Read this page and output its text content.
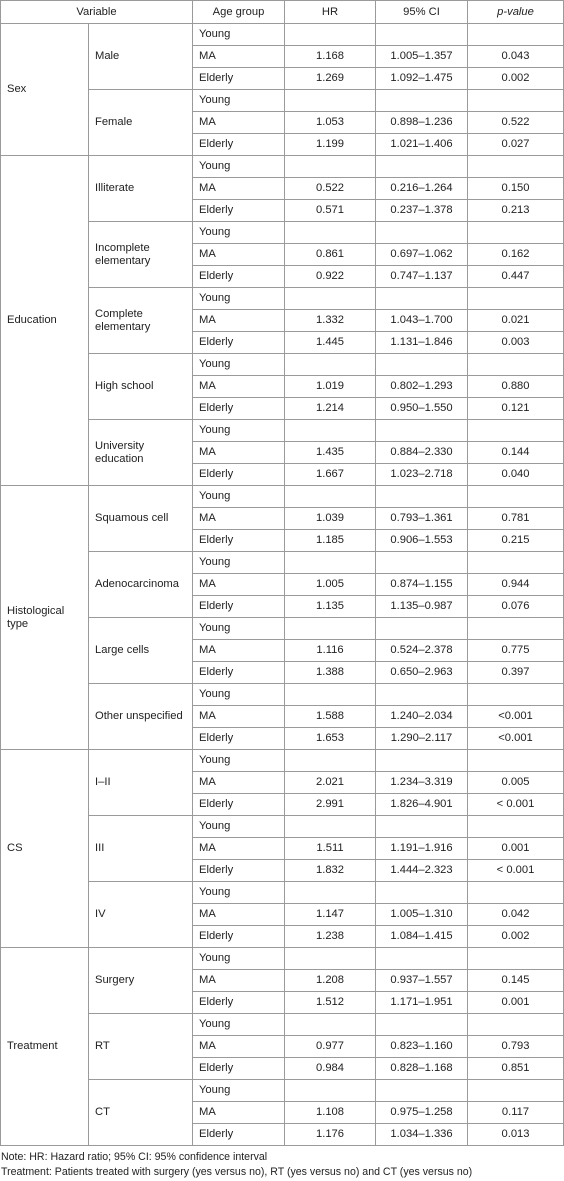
Variable		Age group	HR	95% CI	p-value
Sex	Male	Young			
		MA	1.168	1.005–1.357	0.043
		Elderly	1.269	1.092–1.475	0.002
	Female	Young			
		MA	1.053	0.898–1.236	0.522
		Elderly	1.199	1.021–1.406	0.027
Education	Illiterate	Young			
		MA	0.522	0.216–1.264	0.150
		Elderly	0.571	0.237–1.378	0.213
	Incomplete elementary	Young			
		MA	0.861	0.697–1.062	0.162
		Elderly	0.922	0.747–1.137	0.447
	Complete elementary	Young			
		MA	1.332	1.043–1.700	0.021
		Elderly	1.445	1.131–1.846	0.003
	High school	Young			
		MA	1.019	0.802–1.293	0.880
		Elderly	1.214	0.950–1.550	0.121
	University education	Young			
		MA	1.435	0.884–2.330	0.144
		Elderly	1.667	1.023–2.718	0.040
Histological type	Squamous cell	Young			
		MA	1.039	0.793–1.361	0.781
		Elderly	1.185	0.906–1.553	0.215
	Adenocarcinoma	Young			
		MA	1.005	0.874–1.155	0.944
		Elderly	1.135	1.135–0.987	0.076
	Large cells	Young			
		MA	1.116	0.524–2.378	0.775
		Elderly	1.388	0.650–2.963	0.397
	Other unspecified	Young			
		MA	1.588	1.240–2.034	<0.001
		Elderly	1.653	1.290–2.117	<0.001
CS	I–II	Young			
		MA	2.021	1.234–3.319	0.005
		Elderly	2.991	1.826–4.901	< 0.001
	III	Young			
		MA	1.511	1.191–1.916	0.001
		Elderly	1.832	1.444–2.323	< 0.001
	IV	Young			
		MA	1.147	1.005–1.310	0.042
		Elderly	1.238	1.084–1.415	0.002
Treatment	Surgery	Young			
		MA	1.208	0.937–1.557	0.145
		Elderly	1.512	1.171–1.951	0.001
	RT	Young			
		MA	0.977	0.823–1.160	0.793
		Elderly	0.984	0.828–1.168	0.851
	CT	Young			
		MA	1.108	0.975–1.258	0.117
		Elderly	1.176	1.034–1.336	0.013
Note: HR: Hazard ratio; 95% CI: 95% confidence interval
Treatment: Patients treated with surgery (yes versus no), RT (yes versus no) and CT (yes versus no)
